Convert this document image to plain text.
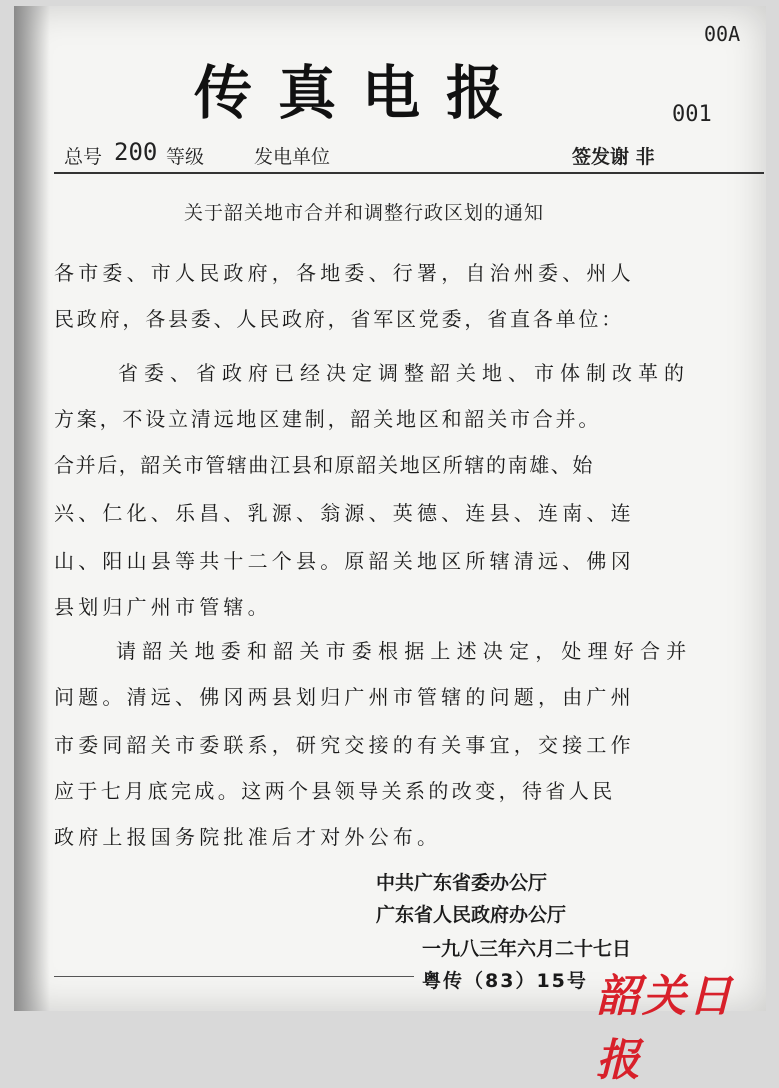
00A
传真电报	001
总号 200 等级	发电单位	签发谢 非
关于韶关地市合并和调整行政区划的通知
各市委、市人民政府，各地委、行署，自治州委、州人
民政府，各县委、人民政府，省军区党委，省直各单位：
省委、省政府已经决定调整韶关地、市体制改革的
方案，不设立清远地区建制，韶关地区和韶关市合并。
合并后，韶关市管辖曲江县和原韶关地区所辖的南雄、始
兴、仁化、乐昌、乳源、翁源、英德、连县、连南、连
山、阳山县等共十二个县。原韶关地区所辖清远、佛冈
县划归广州市管辖。
请韶关地委和韶关市委根据上述决定，处理好合并
问题。清远、佛冈两县划归广州市管辖的问题，由广州
市委同韶关市委联系，研究交接的有关事宜，交接工作
应于七月底完成。这两个县领导关系的改变，待省人民
政府上报国务院批准后才对外公布。
中共广东省委办公厅
广东省人民政府办公厅
一九八三年六月二十七日
粤传（83）15号 韶关日报
